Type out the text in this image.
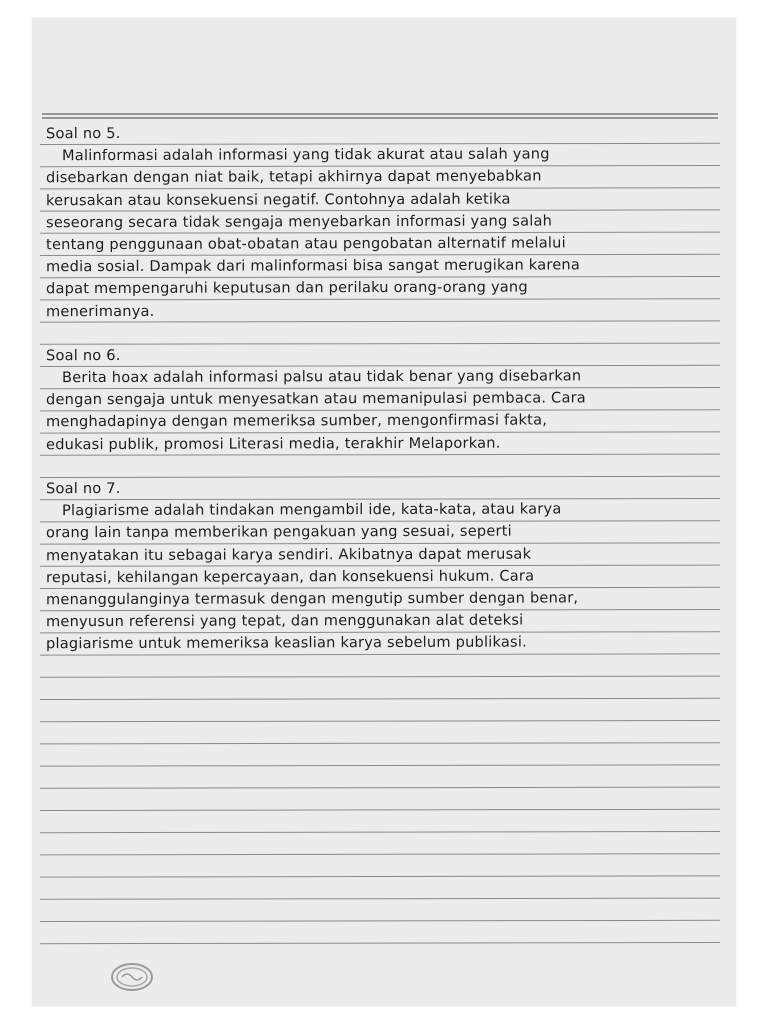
Soal no 5.
Malinformasi adalah informasi yang tidak akurat atau salah yang
disebarkan dengan niat baik, tetapi akhirnya dapat menyebabkan
kerusakan atau konsekuensi negatif. Contohnya adalah ketika
seseorang secara tidak sengaja menyebarkan informasi yang salah
tentang penggunaan obat-obatan atau pengobatan alternatif melalui
media sosial. Dampak dari malinformasi bisa sangat merugikan karena
dapat mempengaruhi keputusan dan perilaku orang-orang yang
menerimanya.
Soal no 6.
Berita hoax adalah informasi palsu atau tidak benar yang disebarkan
dengan sengaja untuk menyesatkan atau memanipulasi pembaca. Cara
menghadapinya dengan memeriksa sumber, mengonfirmasi fakta,
edukasi publik, promosi Literasi media, terakhir Melaporkan.
Soal no 7.
Plagiarisme adalah tindakan mengambil ide, kata-kata, atau karya
orang lain tanpa memberikan pengakuan yang sesuai, seperti
menyatakan itu sebagai karya sendiri. Akibatnya dapat merusak
reputasi, kehilangan kepercayaan, dan konsekuensi hukum. Cara
menanggulanginya termasuk dengan mengutip sumber dengan benar,
menyusun referensi yang tepat, dan menggunakan alat deteksi
plagiarisme untuk memeriksa keaslian karya sebelum publikasi.
